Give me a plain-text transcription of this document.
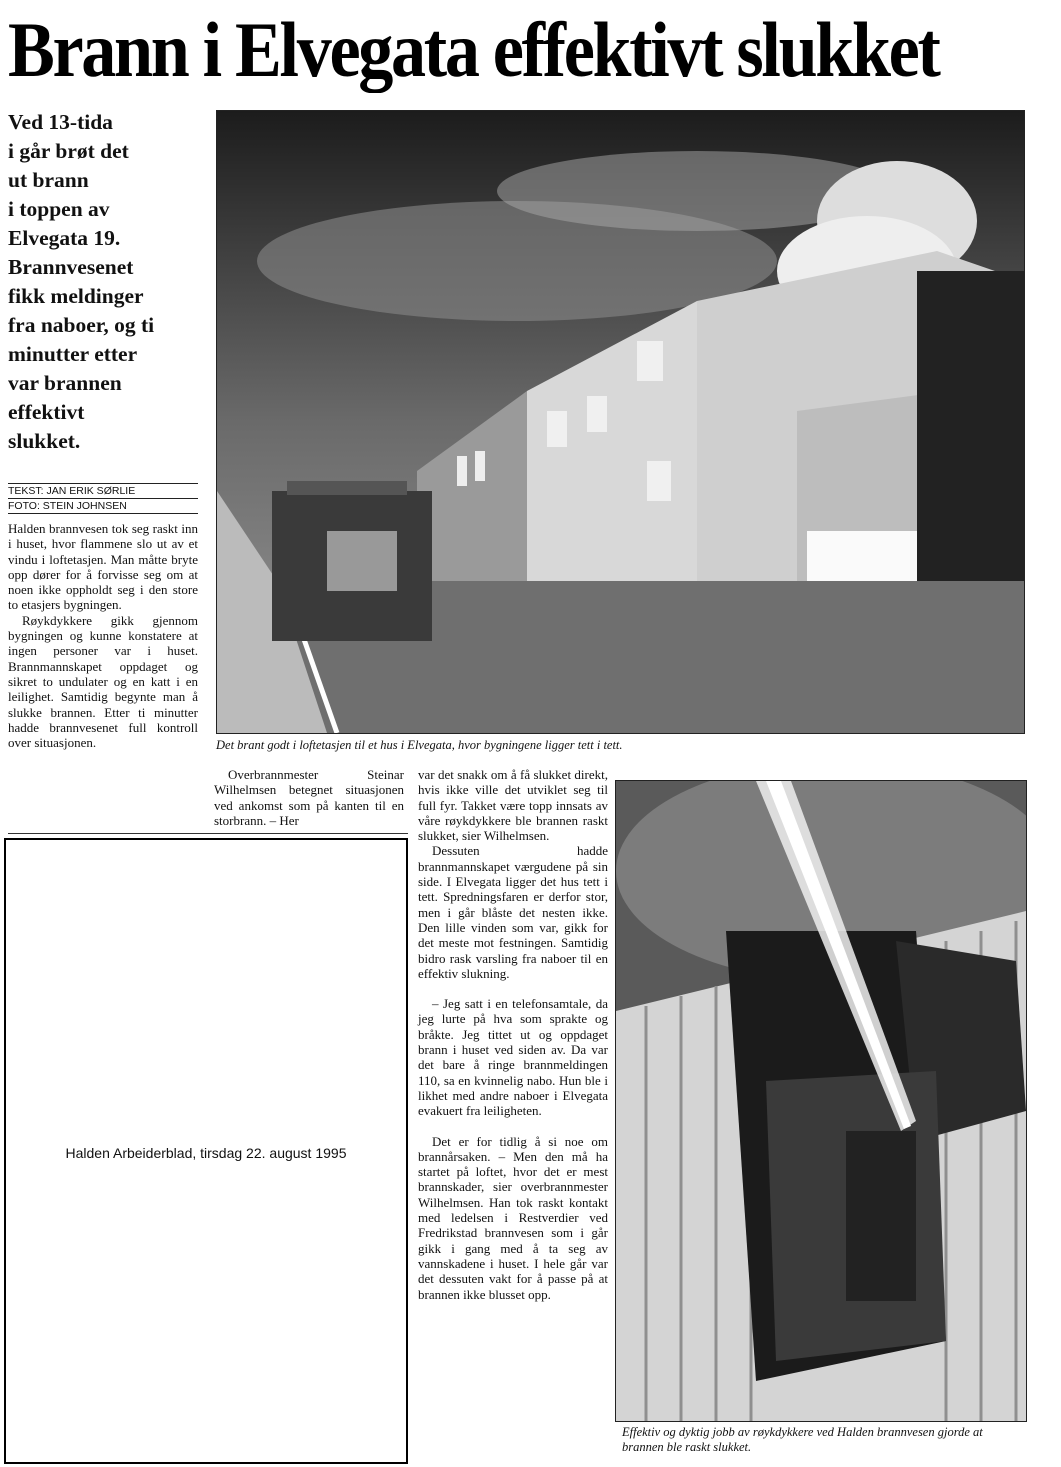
Brann i Elvegata effektivt slukket
Ved 13-tida
i går brøt det
ut brann
i toppen av
Elvegata 19.
Brannvesenet
fikk meldinger
fra naboer, og ti
minutter etter
var brannen
effektivt
slukket.
TEKST: JAN ERIK SØRLIE
FOTO: STEIN JOHNSEN

Halden brannvesen tok seg raskt inn i huset, hvor flammene slo ut av et vindu i loftetasjen. Man måtte bryte opp dører for å forvisse seg om at noen ikke oppholdt seg i den store to etasjers bygningen.

Røykdykkere gikk gjennom bygningen og kunne konstatere at ingen personer var i huset. Brannmannskapet oppdaget og sikret to undulater og en katt i en leilighet. Samtidig begynte man å slukke brannen. Etter ti minutter hadde brannvesenet full kontroll over situasjonen.	Det brant godt i loftetasjen til et hus i Elvegata, hvor bygningene ligger tett i tett.

Overbrannmester Steinar Wilhelmsen betegnet situasjonen ved ankomst som på kanten til en storbrann. – Her

var det snakk om å få slukket direkt, hvis ikke ville det utviklet seg til full fyr. Takket være topp innsats av våre røykdykkere ble brannen raskt slukket, sier Wilhelmsen.

Dessuten hadde brannmannskapet værgudene på sin side. I Elvegata ligger det hus tett i tett. Spredningsfaren er derfor stor, men i går blåste det nesten ikke. Den lille vinden som var, gikk for det meste mot festningen. Samtidig bidro rask varsling fra naboer til en effektiv slukning.

– Jeg satt i en telefonsamtale, da jeg lurte på hva som sprakte og bråkte. Jeg tittet ut og oppdaget brann i huset ved siden av. Da var det bare å ringe brannmeldingen 110, sa en kvinnelig nabo. Hun ble i likhet med andre naboer i Elvegata evakuert fra leiligheten.

Det er for tidlig å si noe om brannårsaken. – Men den må ha startet på loftet, hvor det er mest brannskader, sier overbrannmester Wilhelmsen. Han tok raskt kontakt med ledelsen i Restverdier ved Fredrikstad brannvesen som i går gikk i gang med å ta seg av vannskadene i huset. I hele går var det dessuten vakt for å passe på at brannen ikke blusset opp.

Effektiv og dyktig jobb av røykdykkere ved Halden brannvesen gjorde at brannen ble raskt slukket.
Halden Arbeiderblad, tirsdag 22. august 1995
